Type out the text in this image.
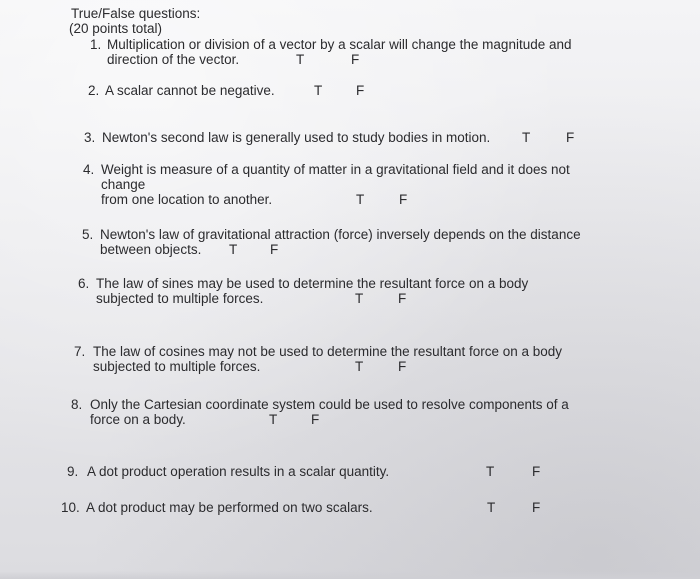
True/False questions:
(20 points total)
1. Multiplication or division of a vector by a scalar will change the magnitude and
direction of the vector.	T	F
2. A scalar cannot be negative.	T	F
3. Newton's second law is generally used to study bodies in motion. T	F
4. Weight is measure of a quantity of matter in a gravitational field and it does not
change
from one location to another.	T	F
5. Newton's law of gravitational attraction (force) inversely depends on the distance
between objects. T F
6. The law of sines may be used to determine the resultant force on a body
subjected to multiple forces.	T	F
7. The law of cosines may not be used to determine the resultant force on a body
subjected to multiple forces.	T	F
8. Only the Cartesian coordinate system could be used to resolve components of a
force on a body.	T	F
9. A dot product operation results in a scalar quantity.	T	F
10. A dot product may be performed on two scalars.	T	F
